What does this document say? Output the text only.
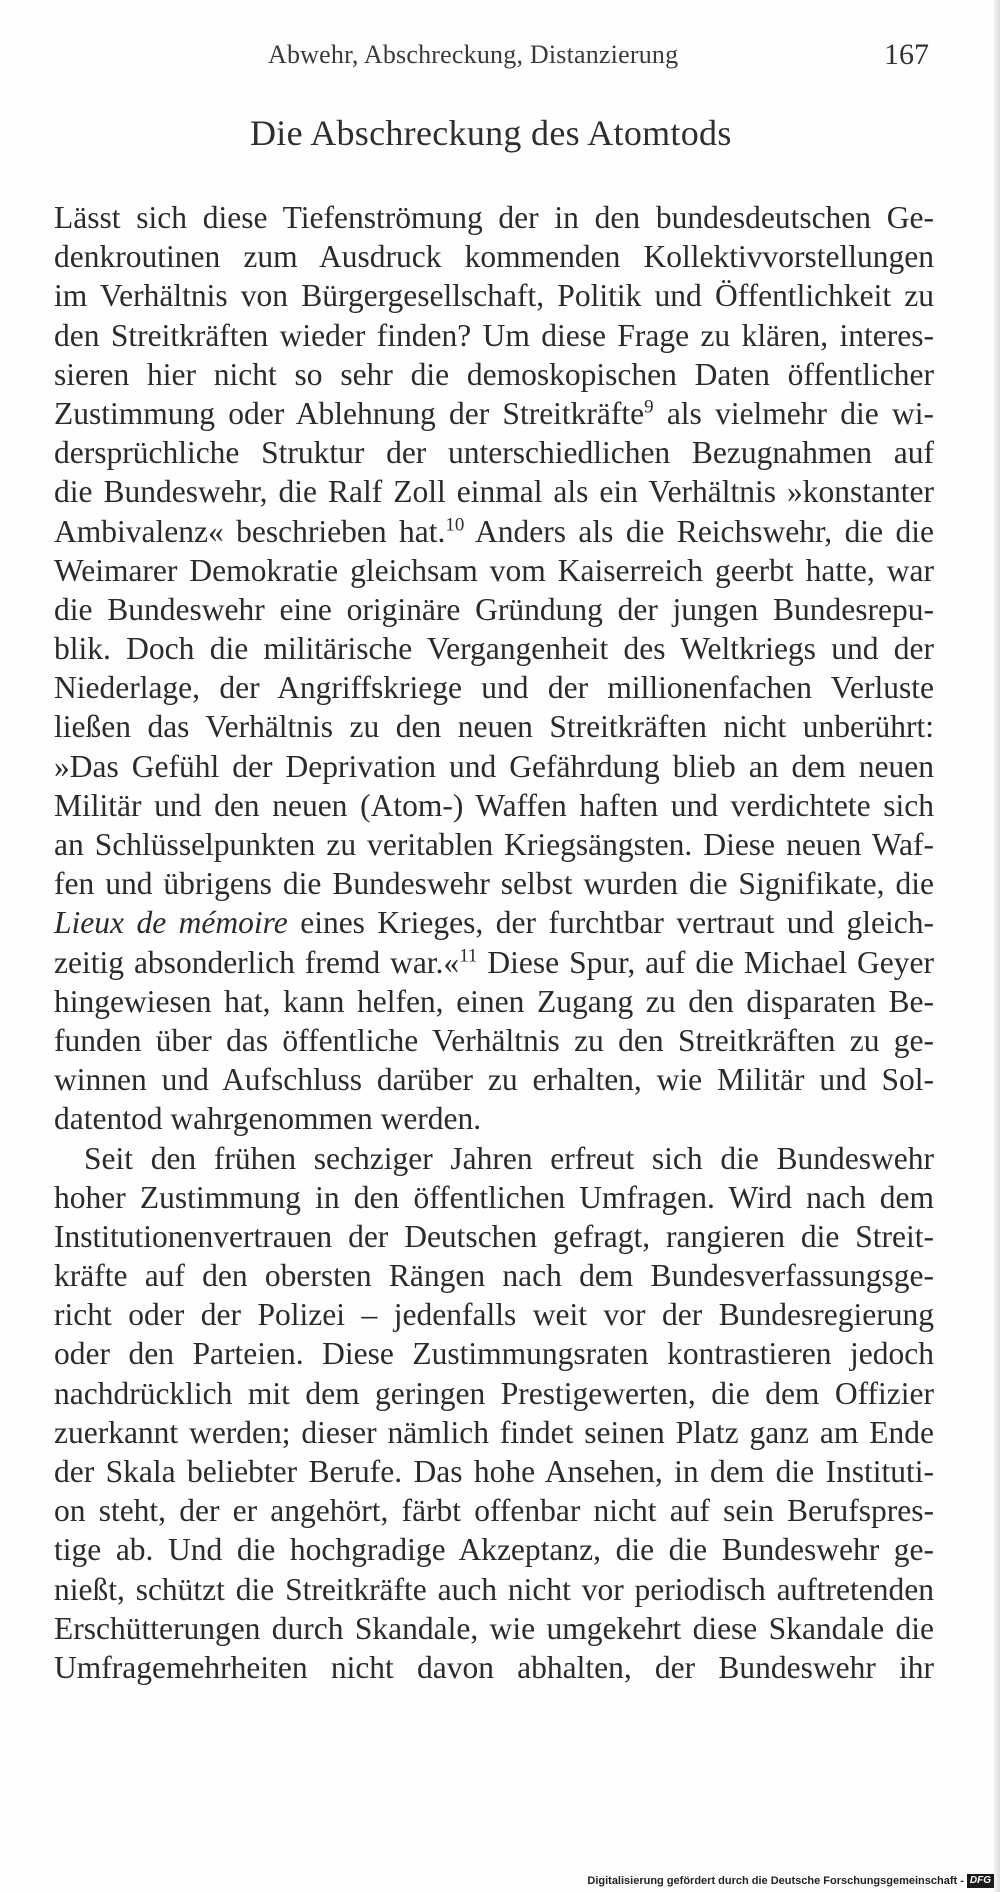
Abwehr, Abschreckung, Distanzierung	167
Die Abschreckung des Atomtods
Lässt sich diese Tiefenströmung der in den bundesdeutschen Ge-
denkroutinen zum Ausdruck kommenden Kollektivvorstellungen
im Verhältnis von Bürgergesellschaft, Politik und Öffentlichkeit zu
den Streitkräften wieder finden? Um diese Frage zu klären, interes-
sieren hier nicht so sehr die demoskopischen Daten öffentlicher
Zustimmung oder Ablehnung der Streitkräfte$^9$ als vielmehr die wi-
dersprüchliche Struktur der unterschiedlichen Bezugnahmen auf
die Bundeswehr, die Ralf Zoll einmal als ein Verhältnis »konstanter
Ambivalenz« beschrieben hat.$^{10}$ Anders als die Reichswehr, die die
Weimarer Demokratie gleichsam vom Kaiserreich geerbt hatte, war
die Bundeswehr eine originäre Gründung der jungen Bundesrepu-
blik. Doch die militärische Vergangenheit des Weltkriegs und der
Niederlage, der Angriffskriege und der millionenfachen Verluste
ließen das Verhältnis zu den neuen Streitkräften nicht unberührt:
»Das Gefühl der Deprivation und Gefährdung blieb an dem neuen
Militär und den neuen (Atom-) Waffen haften und verdichtete sich
an Schlüsselpunkten zu veritablen Kriegsängsten. Diese neuen Waf-
fen und übrigens die Bundeswehr selbst wurden die Signifikate, die
Lieux de mémoire eines Krieges, der furchtbar vertraut und gleich-
zeitig absonderlich fremd war.«$^{11}$ Diese Spur, auf die Michael Geyer
hingewiesen hat, kann helfen, einen Zugang zu den disparaten Be-
funden über das öffentliche Verhältnis zu den Streitkräften zu ge-
winnen und Aufschluss darüber zu erhalten, wie Militär und Sol-
datentod wahrgenommen werden.
Seit den frühen sechziger Jahren erfreut sich die Bundeswehr
hoher Zustimmung in den öffentlichen Umfragen. Wird nach dem
Institutionenvertrauen der Deutschen gefragt, rangieren die Streit-
kräfte auf den obersten Rängen nach dem Bundesverfassungsge-
richt oder der Polizei – jedenfalls weit vor der Bundesregierung
oder den Parteien. Diese Zustimmungsraten kontrastieren jedoch
nachdrücklich mit dem geringen Prestigewerten, die dem Offizier
zuerkannt werden; dieser nämlich findet seinen Platz ganz am Ende
der Skala beliebter Berufe. Das hohe Ansehen, in dem die Instituti-
on steht, der er angehört, färbt offenbar nicht auf sein Berufspres-
tige ab. Und die hochgradige Akzeptanz, die die Bundeswehr ge-
nießt, schützt die Streitkräfte auch nicht vor periodisch auftretenden
Erschütterungen durch Skandale, wie umgekehrt diese Skandale die
Umfragemehrheiten nicht davon abhalten, der Bundeswehr ihr
Digitalisierung gefördert durch die Deutsche Forschungsgemeinschaft - DFG
